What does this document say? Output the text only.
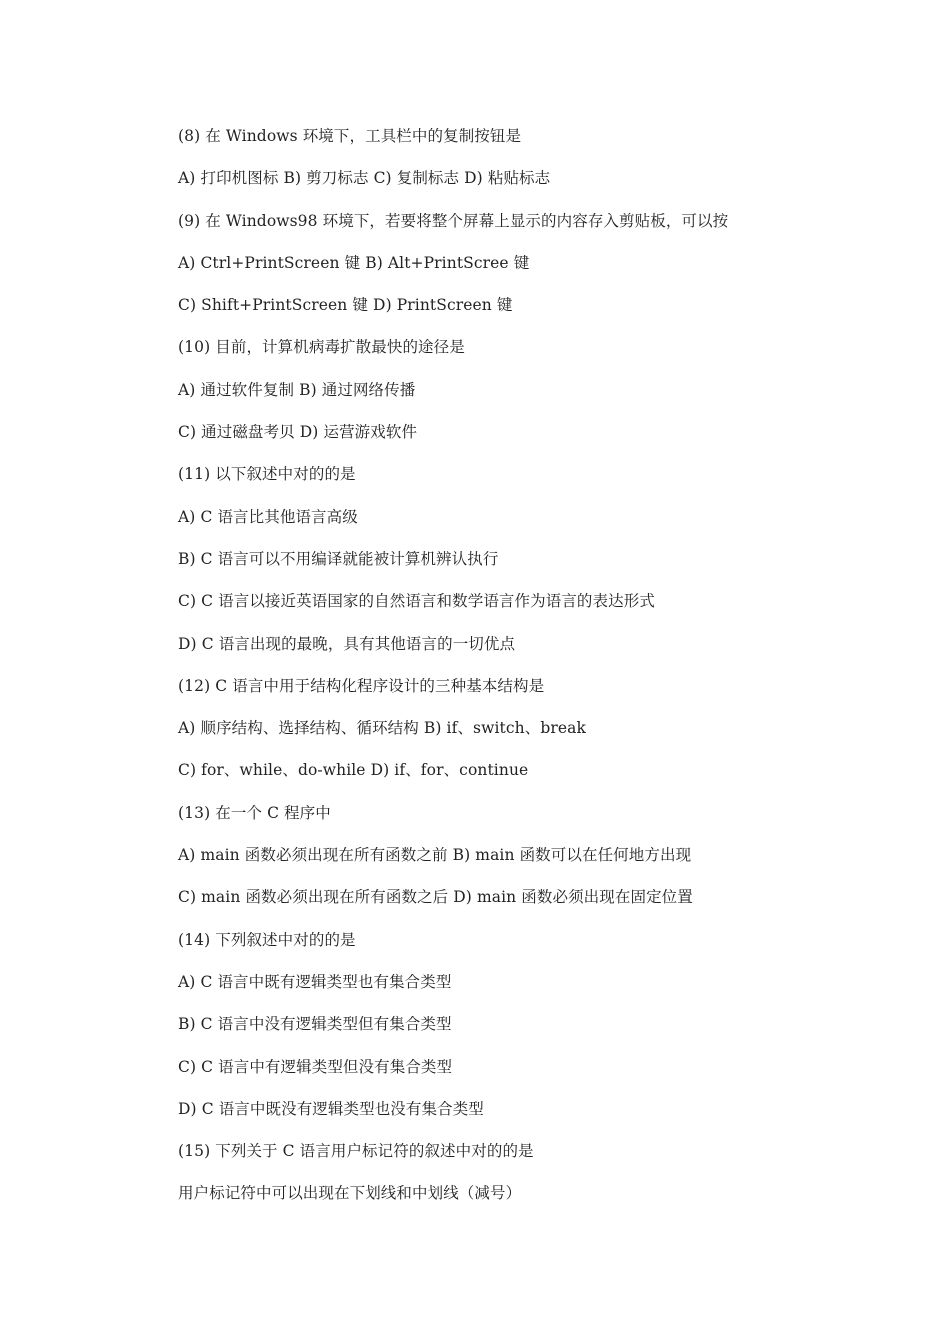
(8) 在 Windows 环境下，工具栏中的复制按钮是
A) 打印机图标 B) 剪刀标志 C) 复制标志 D) 粘贴标志
(9) 在 Windows98 环境下，若要将整个屏幕上显示的内容存入剪贴板，可以按
A) Ctrl+PrintScreen 键 B) Alt+PrintScree 键
C) Shift+PrintScreen 键 D) PrintScreen 键
(10) 目前，计算机病毒扩散最快的途径是
A) 通过软件复制 B) 通过网络传播
C) 通过磁盘考贝 D) 运营游戏软件
(11) 以下叙述中对的的是
A) C 语言比其他语言高级
B) C 语言可以不用编译就能被计算机辨认执行
C) C 语言以接近英语国家的自然语言和数学语言作为语言的表达形式
D) C 语言出现的最晚，具有其他语言的一切优点
(12) C 语言中用于结构化程序设计的三种基本结构是
A) 顺序结构、选择结构、循环结构 B) if、switch、break
C) for、while、do-while D) if、for、continue
(13) 在一个 C 程序中
A) main 函数必须出现在所有函数之前 B) main 函数可以在任何地方出现
C) main 函数必须出现在所有函数之后 D) main 函数必须出现在固定位置
(14) 下列叙述中对的的是
A) C 语言中既有逻辑类型也有集合类型
B) C 语言中没有逻辑类型但有集合类型
C) C 语言中有逻辑类型但没有集合类型
D) C 语言中既没有逻辑类型也没有集合类型
(15) 下列关于 C 语言用户标记符的叙述中对的的是
用户标记符中可以出现在下划线和中划线（减号）
